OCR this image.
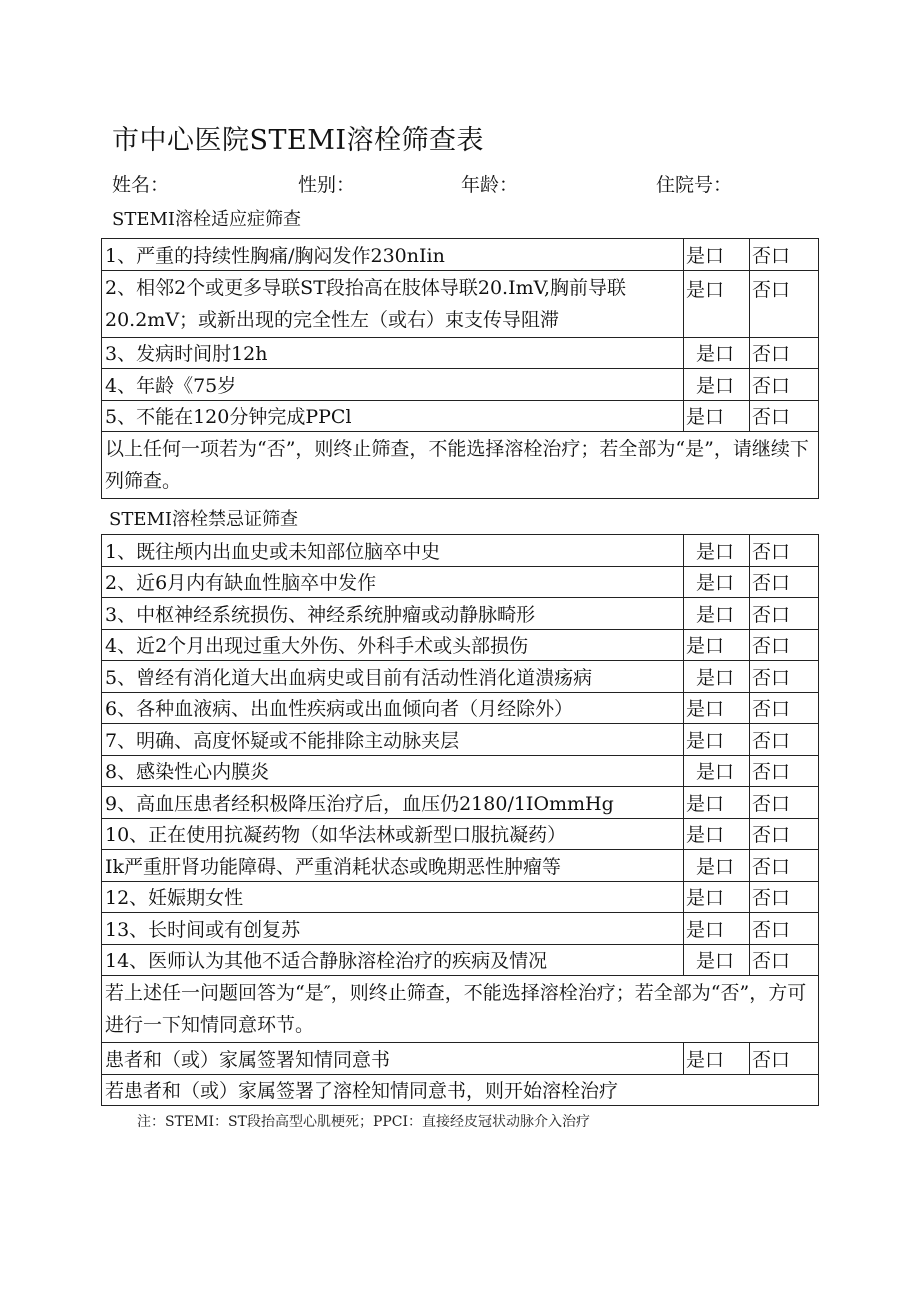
市中心医院STEMI溶栓筛查表
姓名：	性别：	年龄：	住院号：
STEMI溶栓适应症筛查
1、严重的持续性胸痛/胸闷发作230nIin	是口	否口
2、相邻2个或更多导联ST段抬高在肢体导联20.ImV,胸前导联20.2mV；或新出现的完全性左（或右）束支传导阻滞	是口	否口
3、发病时间肘12h	是口	否口
4、年龄《75岁	是口	否口
5、不能在120分钟完成PPCl	是口	否口
以上任何一项若为“否”，则终止筛查，不能选择溶栓治疗；若全部为“是”，请继续下列筛查。		
STEMI溶栓禁忌证筛查
1、既往颅内出血史或未知部位脑卒中史	是口	否口
2、近6月内有缺血性脑卒中发作	是口	否口
3、中枢神经系统损伤、神经系统肿瘤或动静脉畸形	是口	否口
4、近2个月出现过重大外伤、外科手术或头部损伤	是口	否口
5、曾经有消化道大出血病史或目前有活动性消化道溃疡病	是口	否口
6、各种血液病、出血性疾病或出血倾向者（月经除外）	是口	否口
7、明确、高度怀疑或不能排除主动脉夹层	是口	否口
8、感染性心内膜炎	是口	否口
9、高血压患者经积极降压治疗后，血压仍2180/1IOmmHg	是口	否口
10、正在使用抗凝药物（如华法林或新型口服抗凝药）	是口	否口
Ik严重肝肾功能障碍、严重消耗状态或晚期恶性肿瘤等	是口	否口
12、妊娠期女性	是口	否口
13、长时间或有创复苏	是口	否口
14、医师认为其他不适合静脉溶栓治疗的疾病及情况	是口	否口
若上述任一问题回答为“是″，则终止筛查，不能选择溶栓治疗；若全部为“否”，方可进行一下知情同意环节。		
患者和（或）家属签署知情同意书	是口	否口
若患者和（或）家属签署了溶栓知情同意书，则开始溶栓治疗		
注：STEMI：ST段抬高型心肌梗死；PPCI：直接经皮冠状动脉介入治疗
